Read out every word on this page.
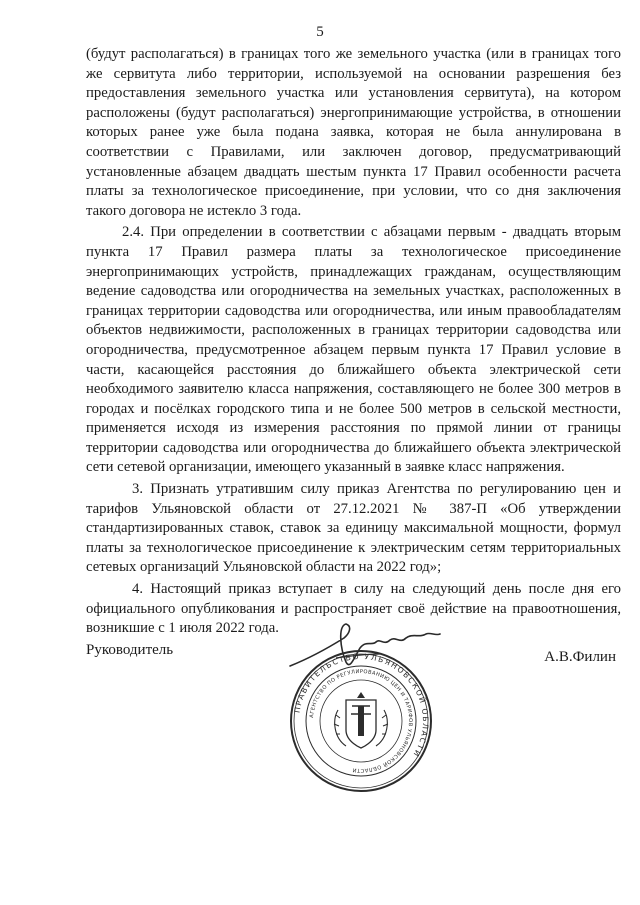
5

(будут располагаться) в границах того же земельного участка (или в границах того же сервитута либо территории, используемой на основании разрешения без предоставления земельного участка или установления сервитута), на котором расположены (будут располагаться) энергопринимающие устройства, в отношении которых ранее уже была подана заявка, которая не была аннулирована в соответствии с Правилами, или заключен договор, предусматривающий установленные абзацем двадцать шестым пункта 17 Правил особенности расчета платы за технологическое присоединение, при условии, что со дня заключения такого договора не истекло 3 года.

2.4. При определении в соответствии с абзацами первым - двадцать вторым пункта 17 Правил размера платы за технологическое присоединение энергопринимающих устройств, принадлежащих гражданам, осуществляющим ведение садоводства или огородничества на земельных участках, расположенных в границах территории садоводства или огородничества, или иным правообладателям объектов недвижимости, расположенных в границах территории садоводства или огородничества, предусмотренное абзацем первым пункта 17 Правил условие в части, касающейся расстояния до ближайшего объекта электрической сети необходимого заявителю класса напряжения, составляющего не более 300 метров в городах и посёлках городского типа и не более 500 метров в сельской местности, применяется исходя из измерения расстояния по прямой линии от границы территории садоводства или огородничества до ближайшего объекта электрической сети сетевой организации, имеющего указанный в заявке класс напряжения.

3. Признать утратившим силу приказ Агентства по регулированию цен и тарифов Ульяновской области от 27.12.2021 № 387-П «Об утверждении стандартизированных ставок, ставок за единицу максимальной мощности, формул платы за технологическое присоединение к электрическим сетям территориальных сетевых организаций Ульяновской области на 2022 год»;

4. Настоящий приказ вступает в силу на следующий день после дня его официального опубликования и распространяет своё действие на правоотношения, возникшие с 1 июля 2022 года.

Руководитель	А.В.Филин
ПРАВИТЕЛЬСТВО УЛЬЯНОВСКОЙ ОБЛАСТИ
АГЕНТСТВО ПО РЕГУЛИРОВАНИЮ ЦЕН И ТАРИФОВ УЛЬЯНОВСКОЙ ОБЛАСТИ
